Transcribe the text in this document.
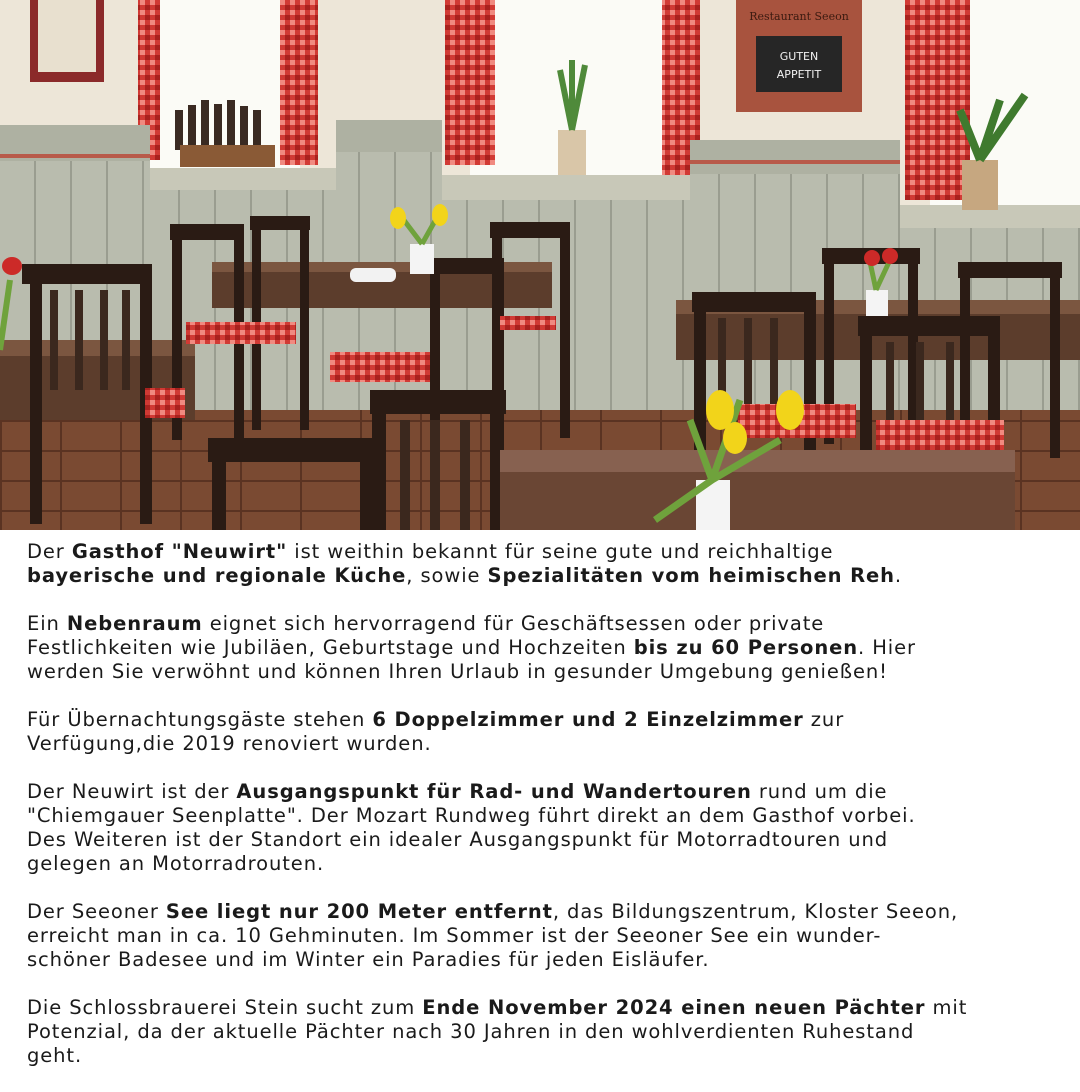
Restaurant Seeon
GUTEN
APPETIT

Der Gasthof "Neuwirt" ist weithin bekannt für seine gute und reichhaltige
bayerische und regionale Küche, sowie Spezialitäten vom heimischen Reh.

Ein Nebenraum eignet sich hervorragend für Geschäftsessen oder private
Festlichkeiten wie Jubiläen, Geburtstage und Hochzeiten bis zu 60 Personen. Hier
werden Sie verwöhnt und können Ihren Urlaub in gesunder Umgebung genießen!

Für Übernachtungsgäste stehen 6 Doppelzimmer und 2 Einzelzimmer zur
Verfügung,die 2019 renoviert wurden.

Der Neuwirt ist der Ausgangspunkt für Rad- und Wandertouren rund um die
"Chiemgauer Seenplatte". Der Mozart Rundweg führt direkt an dem Gasthof vorbei.
Des Weiteren ist der Standort ein idealer Ausgangspunkt für Motorradtouren und
gelegen an Motorradrouten.

Der Seeoner See liegt nur 200 Meter entfernt, das Bildungszentrum, Kloster Seeon,
erreicht man in ca. 10 Gehminuten. Im Sommer ist der Seeoner See ein wunder-
schöner Badesee und im Winter ein Paradies für jeden Eisläufer.

Die Schlossbrauerei Stein sucht zum Ende November 2024 einen neuen Pächter mit
Potenzial, da der aktuelle Pächter nach 30 Jahren in den wohlverdienten Ruhestand
geht.
